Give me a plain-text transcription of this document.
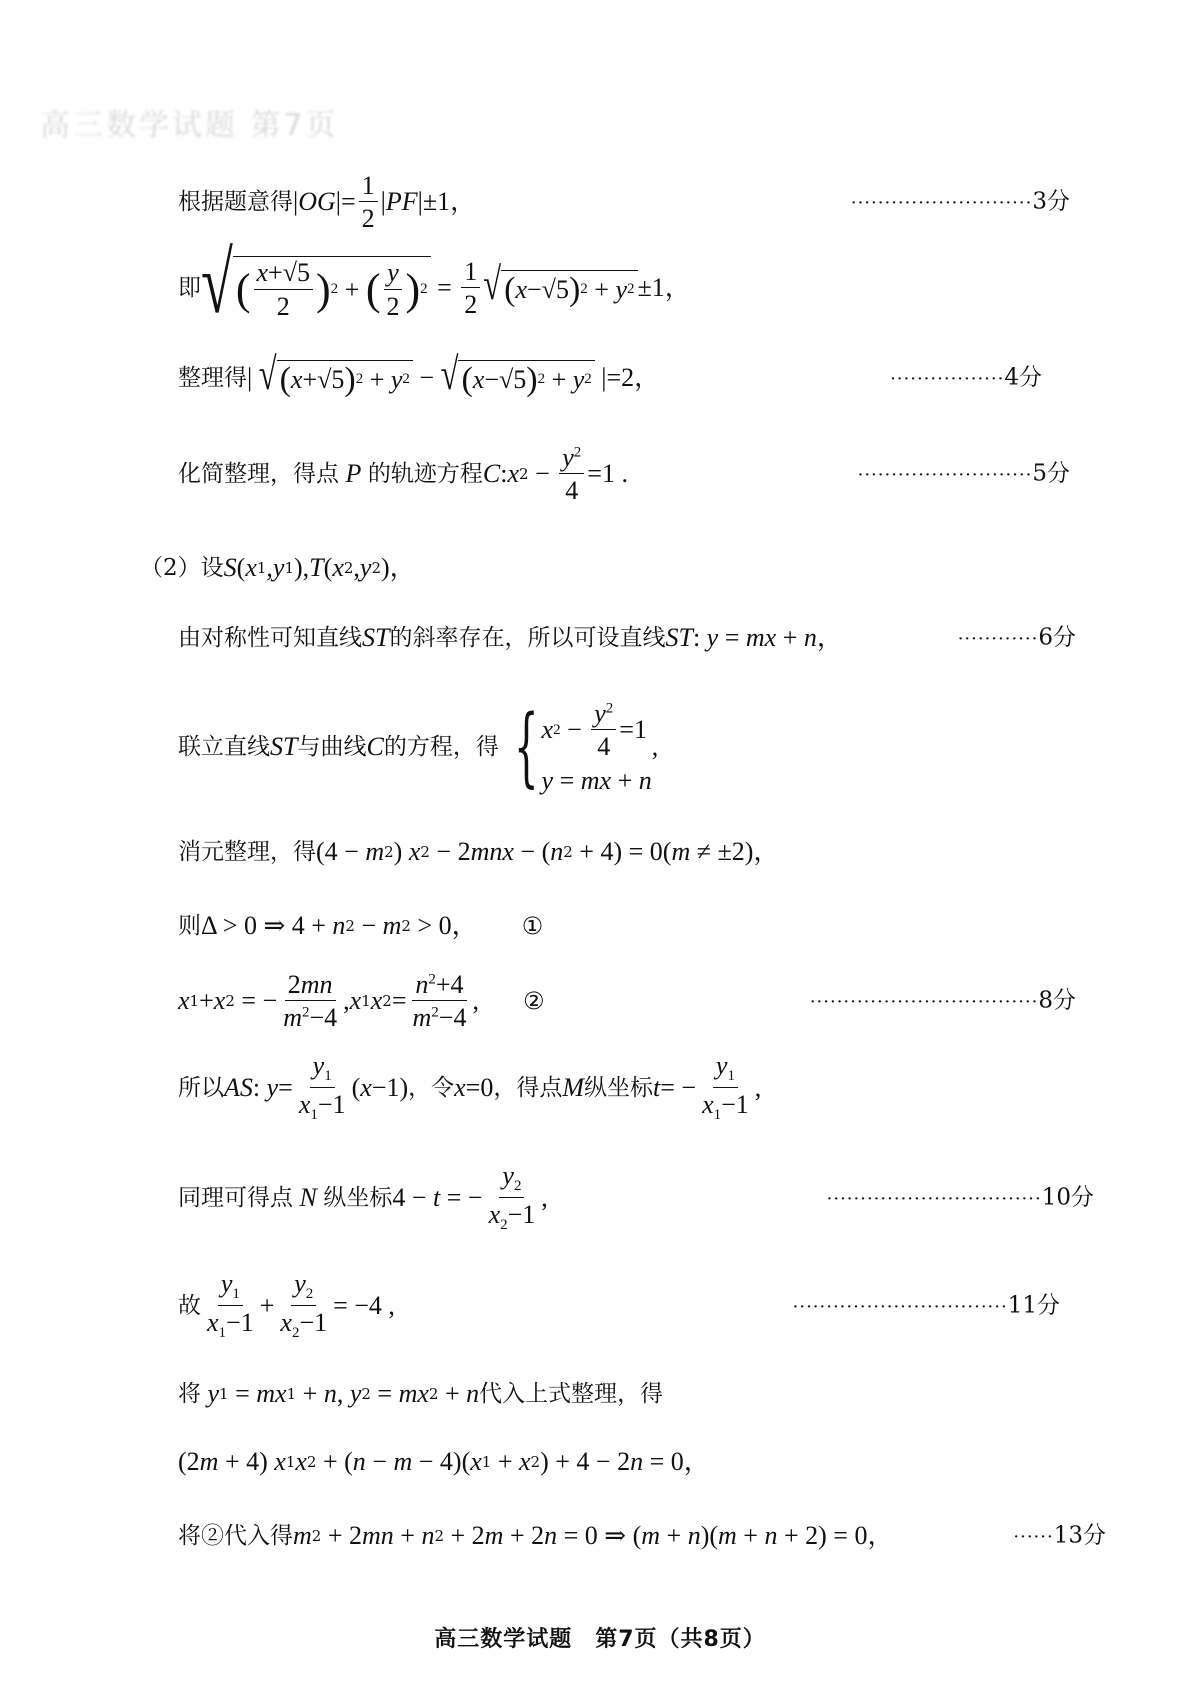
高三数学试题 第7页
根据题意得 | OG | = $\frac{1}{2}$ | PF |±1，	···························3分
即 √ ( $\frac{x+√5}{2}$ ) 2 + ( $\frac{y}{2}$ ) $2 = \frac{1}{2}$ √ ( x −√5 ) 2 + y 2 ±1，
整理得 | √ ( x +√5 ) 2 + y 2 − √ ( x −√5 ) 2 + y 2 |=2，	·················4分
化简整理，得点 P 的轨迹方程 C : x $2 - \frac{y^2}{4} =1$ .	··························5分
（2）设 S ( x 1 , y 1 ), T ( x 2 , y 2 )，
由对称性可知直线 ST 的斜率存在，所以可设直线 ST : y = mx + n ，	············6分
联立直线 ST 与曲线 C 的方程，得 { x $2 - \frac{y^2}{4} =1$
y = mx + n
,
消元整理，得 (4 − m 2 ) x 2 − 2 mnx − ( n 2 + 4) = 0( m ≠ ±2)，
则 Δ > 0 ⇒ 4 + n 2 − m 2 > 0， ①
x 1 + x 2 = − $\frac{2mn}{m^2-4}$ , x 1 x $2 = \frac{n^2+4}{m^2-4}$ , ②	··································8分
所以 AS : $y = \frac{y_1}{x_1-1} (x-1)$ ，令 x =0 ，得点 M 纵坐标 t = − $\frac{y_1}{x_1-1}$ ,
同理可得点 N 纵坐标 4 − t = − $\frac{y_2}{x_2-1}$ ,	································10分
故 $\frac{y_1}{x_1-1} + \frac{y_2}{x_2-1} = -4$ ,	································11分
将 y 1 = mx 1 + n , y 2 = mx 2 + n 代入上式整理，得
(2 m + 4) x 1 x 2 + ( n − m − 4)( x 1 + x 2 ) + 4 − 2 n = 0，
将②代入得 m 2 + 2 mn + n 2 + 2 m + 2 n = 0 ⇒ ( m + n )( m + n + 2) = 0，	······13分
高三数学试题　第7页（共8页）
